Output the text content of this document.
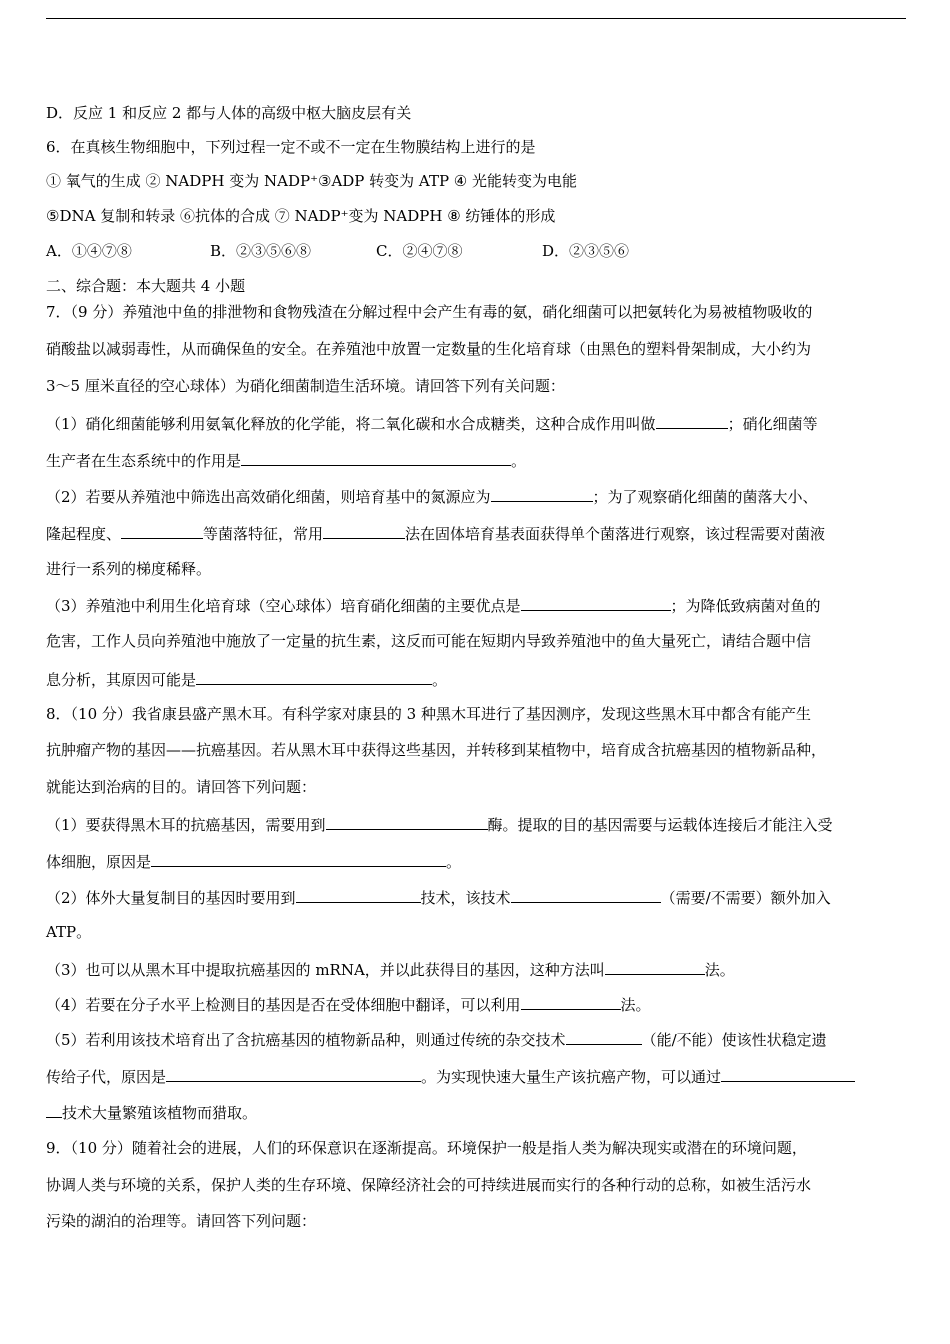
D．反应 1 和反应 2 都与人体的高级中枢大脑皮层有关

6．在真核生物细胞中，下列过程一定不或不一定在生物膜结构上进行的是

① 氧气的生成 ② NADPH 变为 NADP⁺③ADP 转变为 ATP ④ 光能转变为电能

⑤DNA 复制和转录 ⑥抗体的合成 ⑦ NADP⁺变为 NADPH ⑧ 纺锤体的形成

A．①④⑦⑧	B．②③⑤⑥⑧	C．②④⑦⑧	D．②③⑤⑥

二、综合题：本大题共 4 小题

7．（9 分）养殖池中鱼的排泄物和食物残渣在分解过程中会产生有毒的氨，硝化细菌可以把氨转化为易被植物吸收的

硝酸盐以减弱毒性，从而确保鱼的安全。在养殖池中放置一定数量的生化培育球（由黑色的塑料骨架制成，大小约为

3～5 厘米直径的空心球体）为硝化细菌制造生活环境。请回答下列有关问题：

（1）硝化细菌能够利用氨氧化释放的化学能，将二氧化碳和水合成糖类，这种合成作用叫做	；硝化细菌等

生产者在生态系统中的作用是	。

（2）若要从养殖池中筛选出高效硝化细菌，则培育基中的氮源应为	；为了观察硝化细菌的菌落大小、

隆起程度、	等菌落特征，常用	法在固体培育基表面获得单个菌落进行观察，该过程需要对菌液

进行一系列的梯度稀释。

（3）养殖池中利用生化培育球（空心球体）培育硝化细菌的主要优点是	；为降低致病菌对鱼的

危害，工作人员向养殖池中施放了一定量的抗生素，这反而可能在短期内导致养殖池中的鱼大量死亡，请结合题中信

息分析，其原因可能是	。

8．（10 分）我省康县盛产黑木耳。有科学家对康县的 3 种黑木耳进行了基因测序，发现这些黑木耳中都含有能产生

抗肿瘤产物的基因——抗癌基因。若从黑木耳中获得这些基因，并转移到某植物中，培育成含抗癌基因的植物新品种，

就能达到治病的目的。请回答下列问题：

（1）要获得黑木耳的抗癌基因，需要用到	酶。提取的目的基因需要与运载体连接后才能注入受

体细胞，原因是	。

（2）体外大量复制目的基因时要用到	技术，该技术	（需要/不需要）额外加入

ATP。

（3）也可以从黑木耳中提取抗癌基因的 mRNA，并以此获得目的基因，这种方法叫	法。

（4）若要在分子水平上检测目的基因是否在受体细胞中翻译，可以利用	法。

（5）若利用该技术培育出了含抗癌基因的植物新品种，则通过传统的杂交技术	（能/不能）使该性状稳定遗

传给子代，原因是	。为实现快速大量生产该抗癌产物，可以通过

技术大量繁殖该植物而猎取。

9．（10 分）随着社会的进展，人们的环保意识在逐渐提高。环境保护一般是指人类为解决现实或潜在的环境问题，

协调人类与环境的关系，保护人类的生存环境、保障经济社会的可持续进展而实行的各种行动的总称，如被生活污水

污染的湖泊的治理等。请回答下列问题：
